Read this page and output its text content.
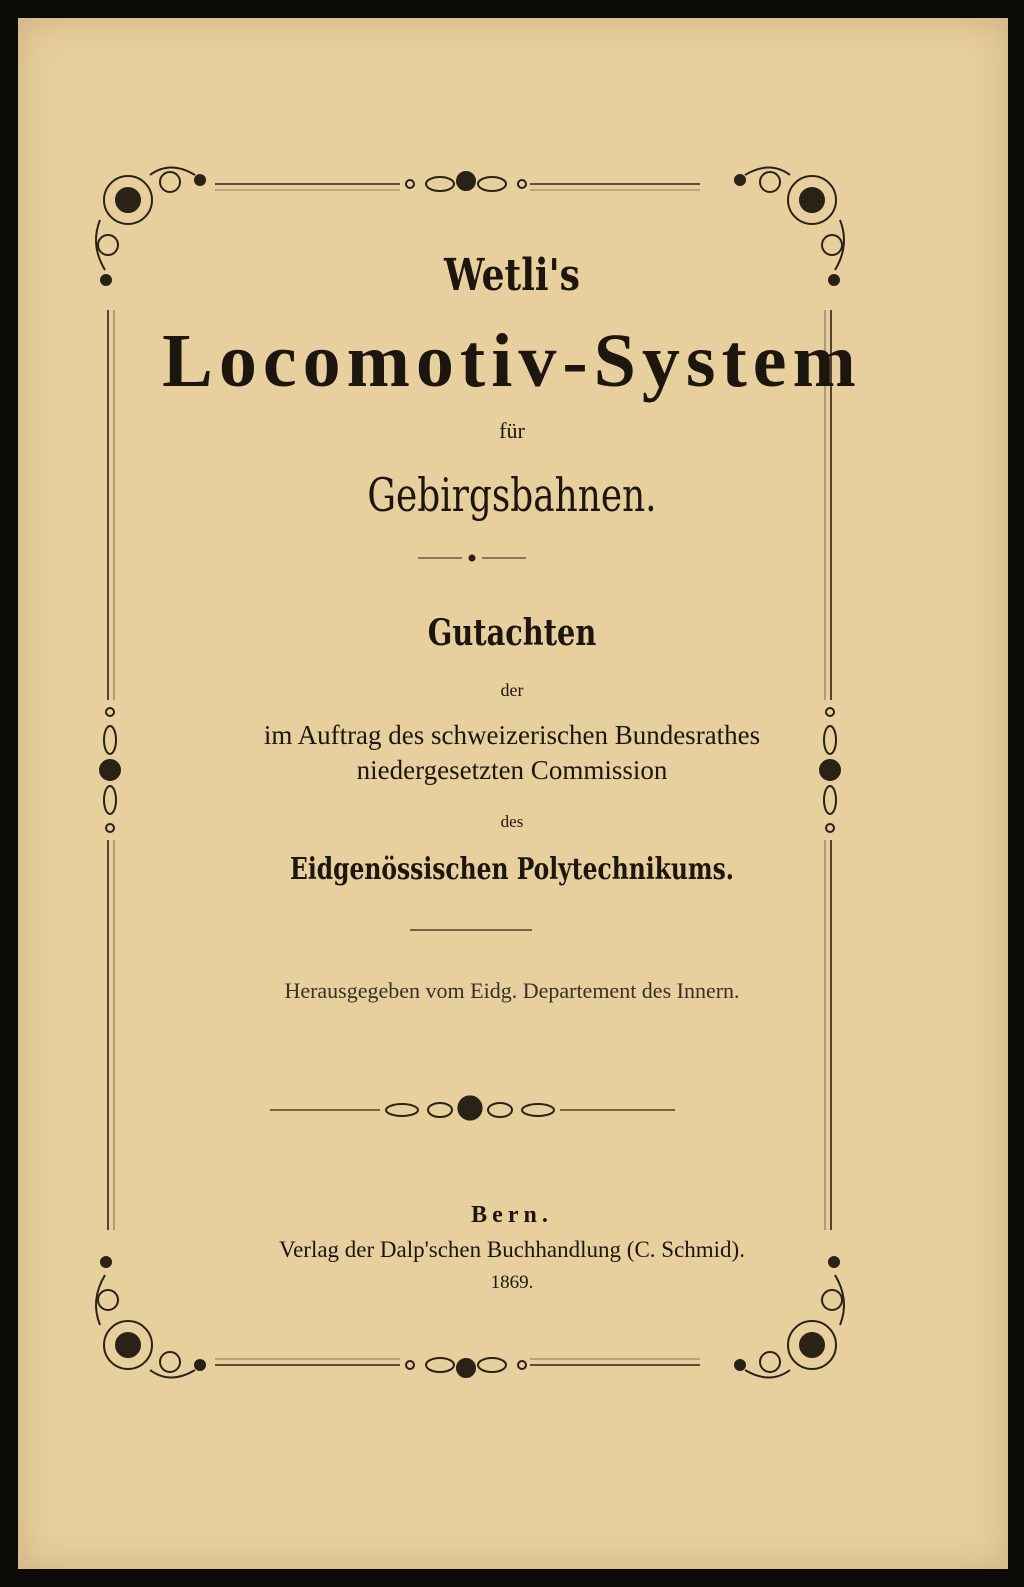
Wetli's
Locomotiv-System
für
Gebirgsbahnen.
Gutachten
der
im Auftrag des schweizerischen Bundesrathes
niedergesetzten Commission
des
Eidgenössischen Polytechnikums.
Herausgegeben vom Eidg. Departement des Innern.
Bern.
Verlag der Dalp'schen Buchhandlung (C. Schmid).
1869.
